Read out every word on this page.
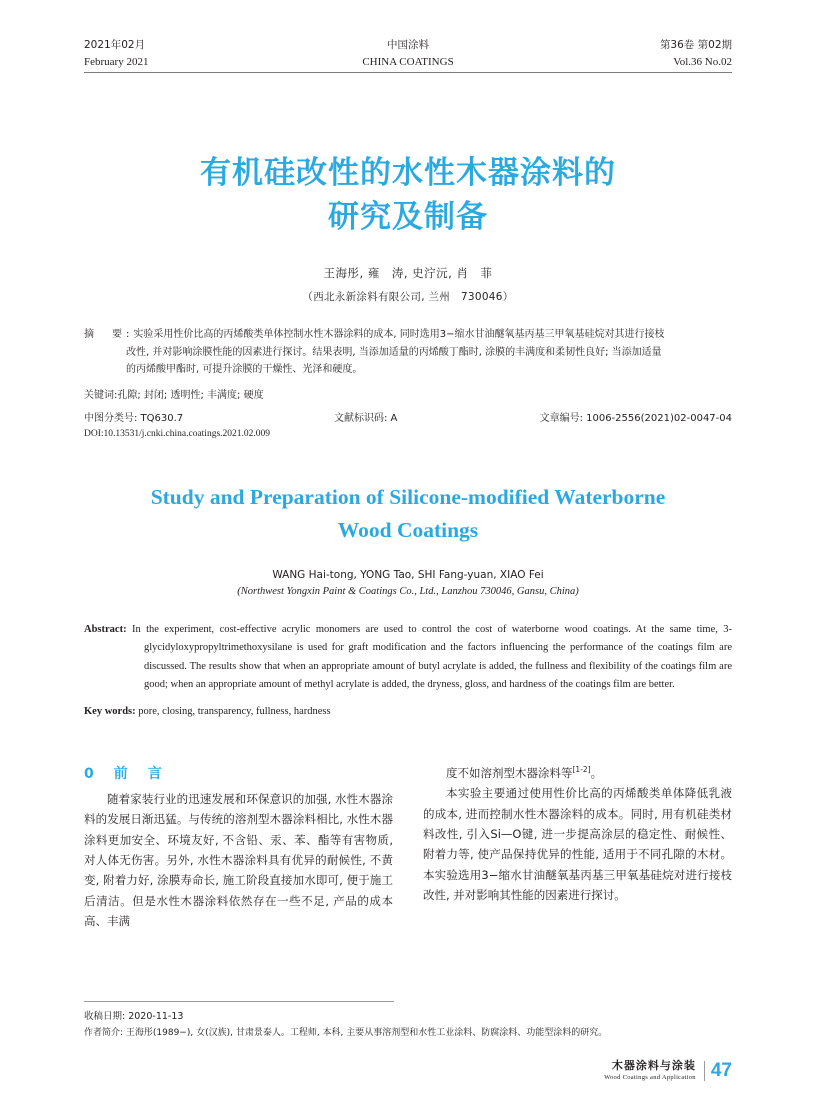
2021年02月	中国涂料	第36卷 第02期
February 2021	CHINA COATINGS	Vol.36 No.02
有机硅改性的水性木器涂料的
研究及制备
王海彤, 雍　涛, 史泞沅, 肖　菲
（西北永新涂料有限公司, 兰州　730046）

摘　要:实验采用性价比高的丙烯酸类单体控制水性木器涂料的成本, 同时选用3−缩水甘油醚氧基丙基三甲氧基硅烷对其进行接枝

改性, 并对影响涂膜性能的因素进行探讨。结果表明, 当添加适量的丙烯酸丁酯时, 涂膜的丰满度和柔韧性良好; 当添加适量

的丙烯酸甲酯时, 可提升涂膜的干燥性、光泽和硬度。

关键词:孔隙; 封闭; 透明性; 丰满度; 硬度
中图分类号: TQ630.7	文献标识码: A	文章编号: 1006-2556(2021)02-0047-04
DOI:10.13531/j.cnki.china.coatings.2021.02.009
Study and Preparation of Silicone-modified Waterborne
Wood Coatings
WANG Hai-tong, YONG Tao, SHI Fang-yuan, XIAO Fei
(Northwest Yongxin Paint & Coatings Co., Ltd., Lanzhou 730046, Gansu, China)

Abstract: In the experiment, cost-effective acrylic monomers are used to control the cost of waterborne wood coatings. At the same time, 3-glycidyloxypropyltrimethoxysilane is used for graft modification and the factors influencing the performance of the coatings film are discussed. The results show that when an appropriate amount of butyl acrylate is added, the fullness and flexibility of the coatings film are good; when an appropriate amount of methyl acrylate is added, the dryness, gloss, and hardness of the coatings film are better.

Key words: pore, closing, transparency, fullness, hardness
0　前　言

随着家装行业的迅速发展和环保意识的加强, 水性木器涂料的发展日渐迅猛。与传统的溶剂型木器涂料相比, 水性木器涂料更加安全、环境友好, 不含铅、汞、苯、酯等有害物质, 对人体无伤害。另外, 水性木器涂料具有优异的耐候性, 不黄变, 附着力好, 涂膜寿命长, 施工阶段直接加水即可, 便于施工后清洁。但是水性木器涂料依然存在一些不足, 产品的成本高、丰满

度不如溶剂型木器涂料等[1-2]。

本实验主要通过使用性价比高的丙烯酸类单体降低乳液的成本, 进而控制水性木器涂料的成本。同时, 用有机硅类材料改性, 引入Si—O键, 进一步提高涂层的稳定性、耐候性、附着力等, 使产品保持优异的性能, 适用于不同孔隙的木材。本实验选用3−缩水甘油醚氧基丙基三甲氧基硅烷对进行接枝改性, 并对影响其性能的因素进行探讨。

收稿日期: 2020-11-13
作者简介: 王海彤(1989−), 女(汉族), 甘肃景泰人。工程师, 本科, 主要从事溶剂型和水性工业涂料、防腐涂料、功能型涂料的研究。
木器涂料与涂装
Wood Coatings and Application 47
